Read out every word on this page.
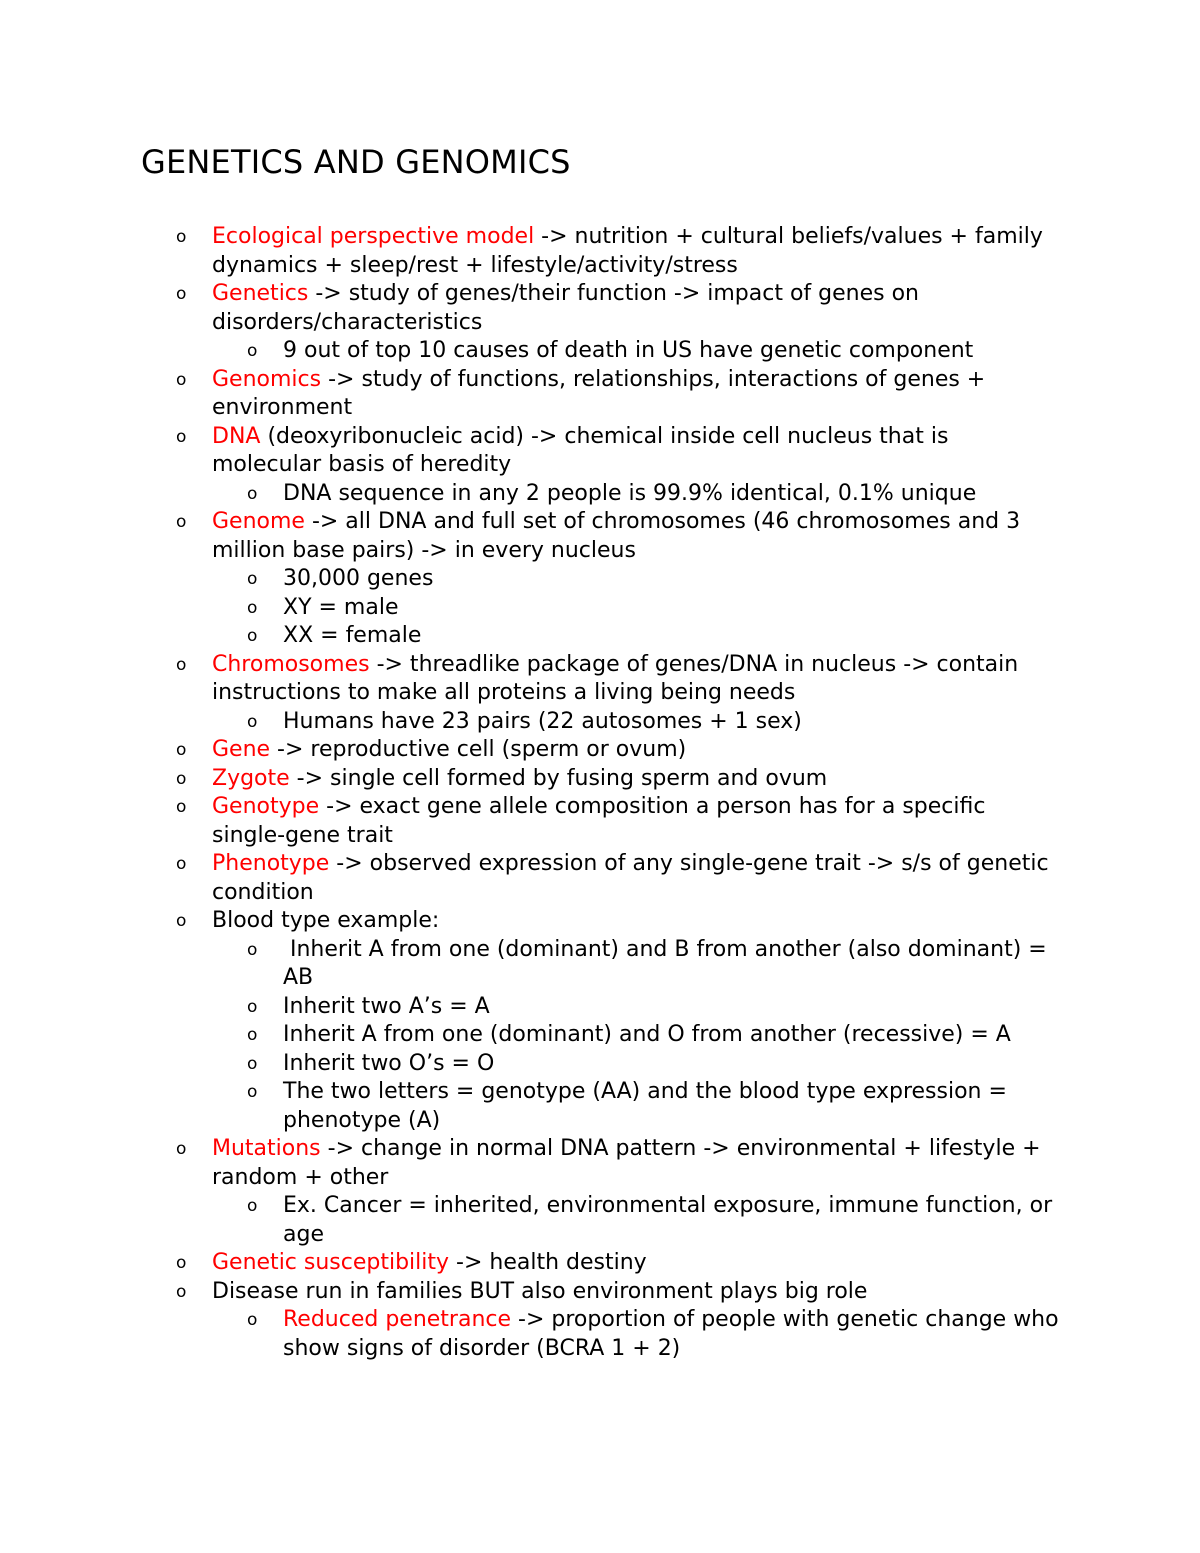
GENETICS AND GENOMICS
o	Ecological perspective model -> nutrition + cultural beliefs/values + family dynamics + sleep/rest + lifestyle/activity/stress
o	Genetics -> study of genes/their function -> impact of genes on disorders/characteristics
o	9 out of top 10 causes of death in US have genetic component
o	Genomics -> study of functions, relationships, interactions of genes + environment
o	DNA (deoxyribonucleic acid) -> chemical inside cell nucleus that is molecular basis of heredity
o	DNA sequence in any 2 people is 99.9% identical, 0.1% unique
o	Genome -> all DNA and full set of chromosomes (46 chromosomes and 3 million base pairs) -> in every nucleus
o	30,000 genes
o	XY = male
o	XX = female
o	Chromosomes -> threadlike package of genes/DNA in nucleus -> contain instructions to make all proteins a living being needs
o	Humans have 23 pairs (22 autosomes + 1 sex)
o	Gene -> reproductive cell (sperm or ovum)
o	Zygote -> single cell formed by fusing sperm and ovum
o	Genotype -> exact gene allele composition a person has for a specific single-gene trait
o	Phenotype -> observed expression of any single-gene trait -> s/s of genetic condition
o	Blood type example:
o	Inherit A from one (dominant) and B from another (also dominant) = AB
o	Inherit two A’s = A
o	Inherit A from one (dominant) and O from another (recessive) = A
o	Inherit two O’s = O
o	The two letters = genotype (AA) and the blood type expression = phenotype (A)
o	Mutations -> change in normal DNA pattern -> environmental + lifestyle + random + other
o	Ex. Cancer = inherited, environmental exposure, immune function, or age
o	Genetic susceptibility -> health destiny
o	Disease run in families BUT also environment plays big role
o	Reduced penetrance -> proportion of people with genetic change who show signs of disorder (BCRA 1 + 2)
